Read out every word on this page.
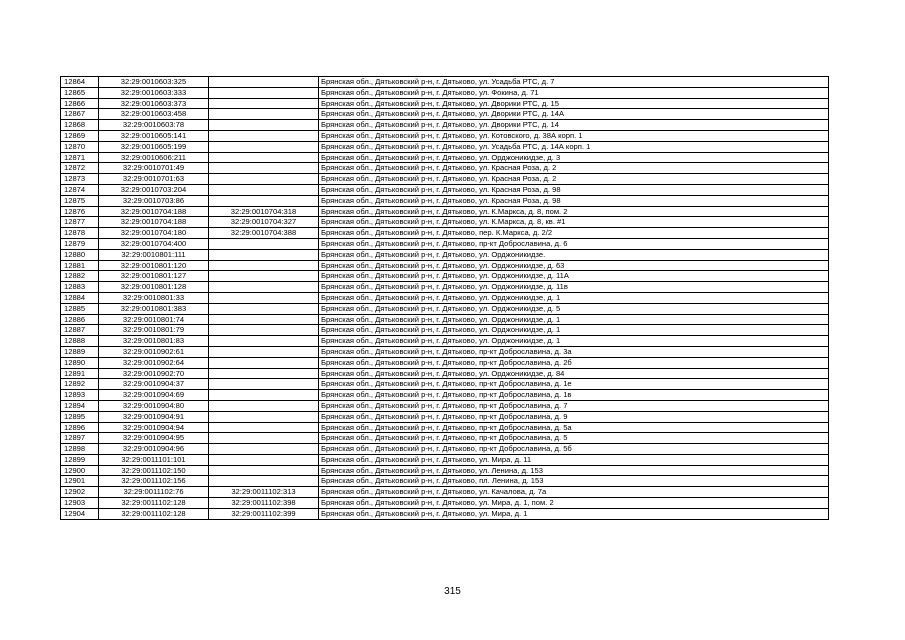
12864	32:29:0010603:325		Брянская обл., Дятьковский р-н, г. Дятьково, ул. Усадьба РТС, д. 7
12865	32:29:0010603:333		Брянская обл., Дятьковский р-н, г. Дятьково, ул. Фокина, д. 71
12866	32:29:0010603:373		Брянская обл., Дятьковский р-н, г. Дятьково, ул. Дворики РТС, д. 15
12867	32:29:0010603:458		Брянская обл., Дятьковский р-н, г. Дятьково, ул. Дворики РТС, д. 14А
12868	32:29:0010603:78		Брянская обл., Дятьковский р-н, г. Дятьково, ул. Дворики РТС, д. 14
12869	32:29:0010605:141		Брянская обл., Дятьковский р-н, г. Дятьково, ул. Котовского, д. 38А корп. 1
12870	32:29:0010605:199		Брянская обл., Дятьковский р-н, г. Дятьково, ул. Усадьба РТС, д. 14А корп. 1
12871	32:29:0010606:211		Брянская обл., Дятьковский р-н, г. Дятьково, ул. Орджоникидзе, д. 3
12872	32:29:0010701:49		Брянская обл., Дятьковский р-н, г. Дятьково, ул. Красная Роза, д. 2
12873	32:29:0010701:63		Брянская обл., Дятьковский р-н, г. Дятьково, ул. Красная Роза, д. 2
12874	32:29:0010703:204		Брянская обл., Дятьковский р-н, г. Дятьково, ул. Красная Роза, д. 98
12875	32:29:0010703:86		Брянская обл., Дятьковский р-н, г. Дятьково, ул. Красная Роза, д. 98
12876	32:29:0010704:188	32:29:0010704:318	Брянская обл., Дятьковский р-н, г. Дятьково, ул. К.Маркса, д. 8, пом. 2
12877	32:29:0010704:188	32:29:0010704:327	Брянская обл., Дятьковский р-н, г. Дятьково, ул. К.Маркса, д. 8, кв. #1
12878	32:29:0010704:180	32:29:0010704:388	Брянская обл., Дятьковский р-н, г. Дятьково, пер. К.Маркса, д. 2/2
12879	32:29:0010704:400		Брянская обл., Дятьковский р-н, г. Дятьково, пр-кт Доброславина, д. 6
12880	32:29:0010801:111		Брянская обл., Дятьковский р-н, г. Дятьково, ул. Орджоникидзе.
12881	32:29:0010801:120		Брянская обл., Дятьковский р-н, г. Дятьково, ул. Орджоникидзе, д. 63
12882	32:29:0010801:127		Брянская обл., Дятьковский р-н, г. Дятьково, ул. Орджоникидзе, д. 11А
12883	32:29:0010801:128		Брянская обл., Дятьковский р-н, г. Дятьково, ул. Орджоникидзе, д. 11в
12884	32:29:0010801:33		Брянская обл., Дятьковский р-н, г. Дятьково, ул. Орджоникидзе, д. 1
12885	32:29:0010801:383		Брянская обл., Дятьковский р-н, г. Дятьково, ул. Орджоникидзе, д. 5
12886	32:29:0010801:74		Брянская обл., Дятьковский р-н, г. Дятьково, ул. Орджоникидзе, д. 1
12887	32:29:0010801:79		Брянская обл., Дятьковский р-н, г. Дятьково, ул. Орджоникидзе, д. 1
12888	32:29:0010801:83		Брянская обл., Дятьковский р-н, г. Дятьково, ул. Орджоникидзе, д. 1
12889	32:29:0010902:61		Брянская обл., Дятьковский р-н, г. Дятьково, пр-кт Доброславина, д. 3а
12890	32:29:0010902:64		Брянская обл., Дятьковский р-н, г. Дятьково, пр-кт Доброславина, д. 2б
12891	32:29:0010902:70		Брянская обл., Дятьковский р-н, г. Дятьково, ул. Орджоникидзе, д. 84
12892	32:29:0010904:37		Брянская обл., Дятьковский р-н, г. Дятьково, пр-кт Доброславина, д. 1е
12893	32:29:0010904:69		Брянская обл., Дятьковский р-н, г. Дятьково, пр-кт Доброславина, д. 1в
12894	32:29:0010904:80		Брянская обл., Дятьковский р-н, г. Дятьково, пр-кт Доброславина, д. 7
12895	32:29:0010904:91		Брянская обл., Дятьковский р-н, г. Дятьково, пр-кт Доброславина, д. 9
12896	32:29:0010904:94		Брянская обл., Дятьковский р-н, г. Дятьково, пр-кт Доброславина, д. 5а
12897	32:29:0010904:95		Брянская обл., Дятьковский р-н, г. Дятьково, пр-кт Доброславина, д. 5
12898	32:29:0010904:96		Брянская обл., Дятьковский р-н, г. Дятьково, пр-кт Доброславина, д. 5б
12899	32:29:0011101:101		Брянская обл., Дятьковский р-н, г. Дятьково, ул. Мира, д. 11
12900	32:29:0011102:150		Брянская обл., Дятьковский р-н, г. Дятьково, ул. Ленина, д. 153
12901	32:29:0011102:156		Брянская обл., Дятьковский р-н, г. Дятьково, пл. Ленина, д. 153
12902	32:29:0011102:76	32:29:0011102:313	Брянская обл., Дятьковский р-н, г. Дятьково, ул. Качалова, д. 7а
12903	32:29:0011102:128	32:29:0011102:398	Брянская обл., Дятьковский р-н, г. Дятьково, ул. Мира, д. 1, пом. 2
12904	32:29:0011102:128	32:29:0011102:399	Брянская обл., Дятьковский р-н, г. Дятьково, ул. Мира, д. 1
315
